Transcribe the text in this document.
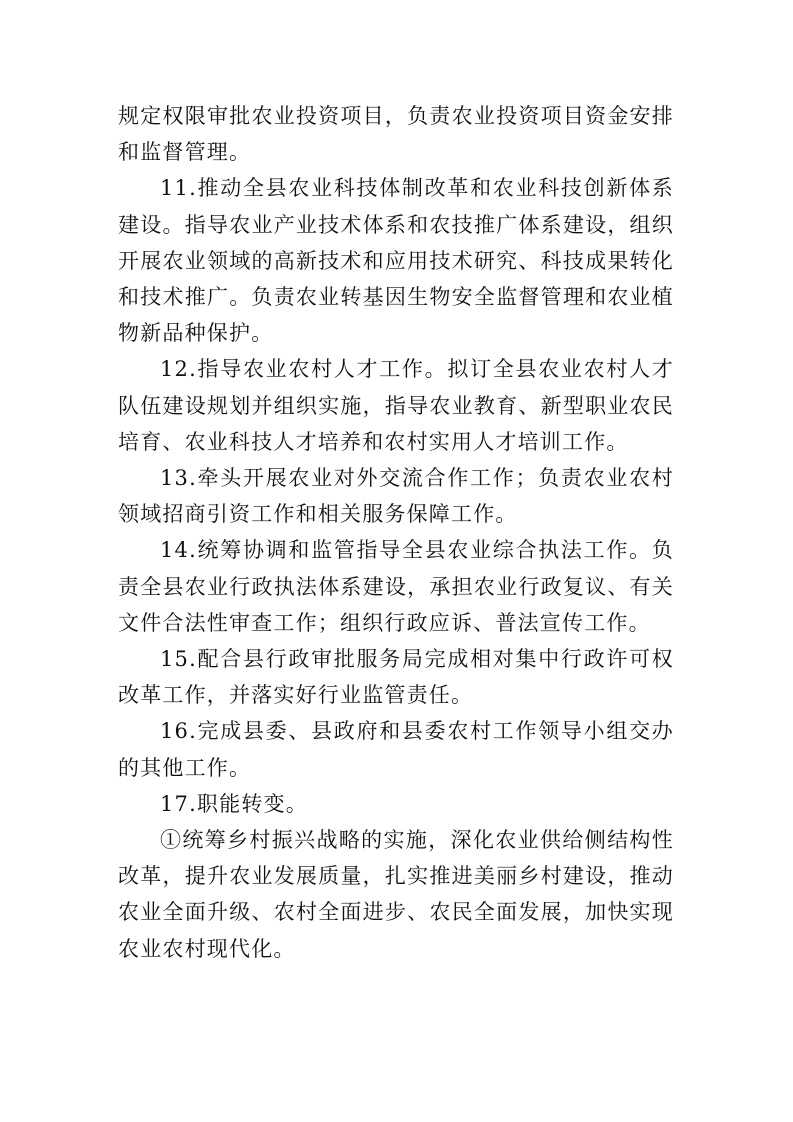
规定权限审批农业投资项目，负责农业投资项目资金安排和监督管理。

11.推动全县农业科技体制改革和农业科技创新体系建设。指导农业产业技术体系和农技推广体系建设，组织开展农业领域的高新技术和应用技术研究、科技成果转化和技术推广。负责农业转基因生物安全监督管理和农业植物新品种保护。

12.指导农业农村人才工作。拟订全县农业农村人才队伍建设规划并组织实施，指导农业教育、新型职业农民培育、农业科技人才培养和农村实用人才培训工作。

13.牵头开展农业对外交流合作工作；负责农业农村领域招商引资工作和相关服务保障工作。

14.统筹协调和监管指导全县农业综合执法工作。负责全县农业行政执法体系建设，承担农业行政复议、有关文件合法性审查工作；组织行政应诉、普法宣传工作。

15.配合县行政审批服务局完成相对集中行政许可权改革工作，并落实好行业监管责任。

16.完成县委、县政府和县委农村工作领导小组交办的其他工作。

17.职能转变。

①统筹乡村振兴战略的实施，深化农业供给侧结构性改革，提升农业发展质量，扎实推进美丽乡村建设，推动农业全面升级、农村全面进步、农民全面发展，加快实现农业农村现代化。
